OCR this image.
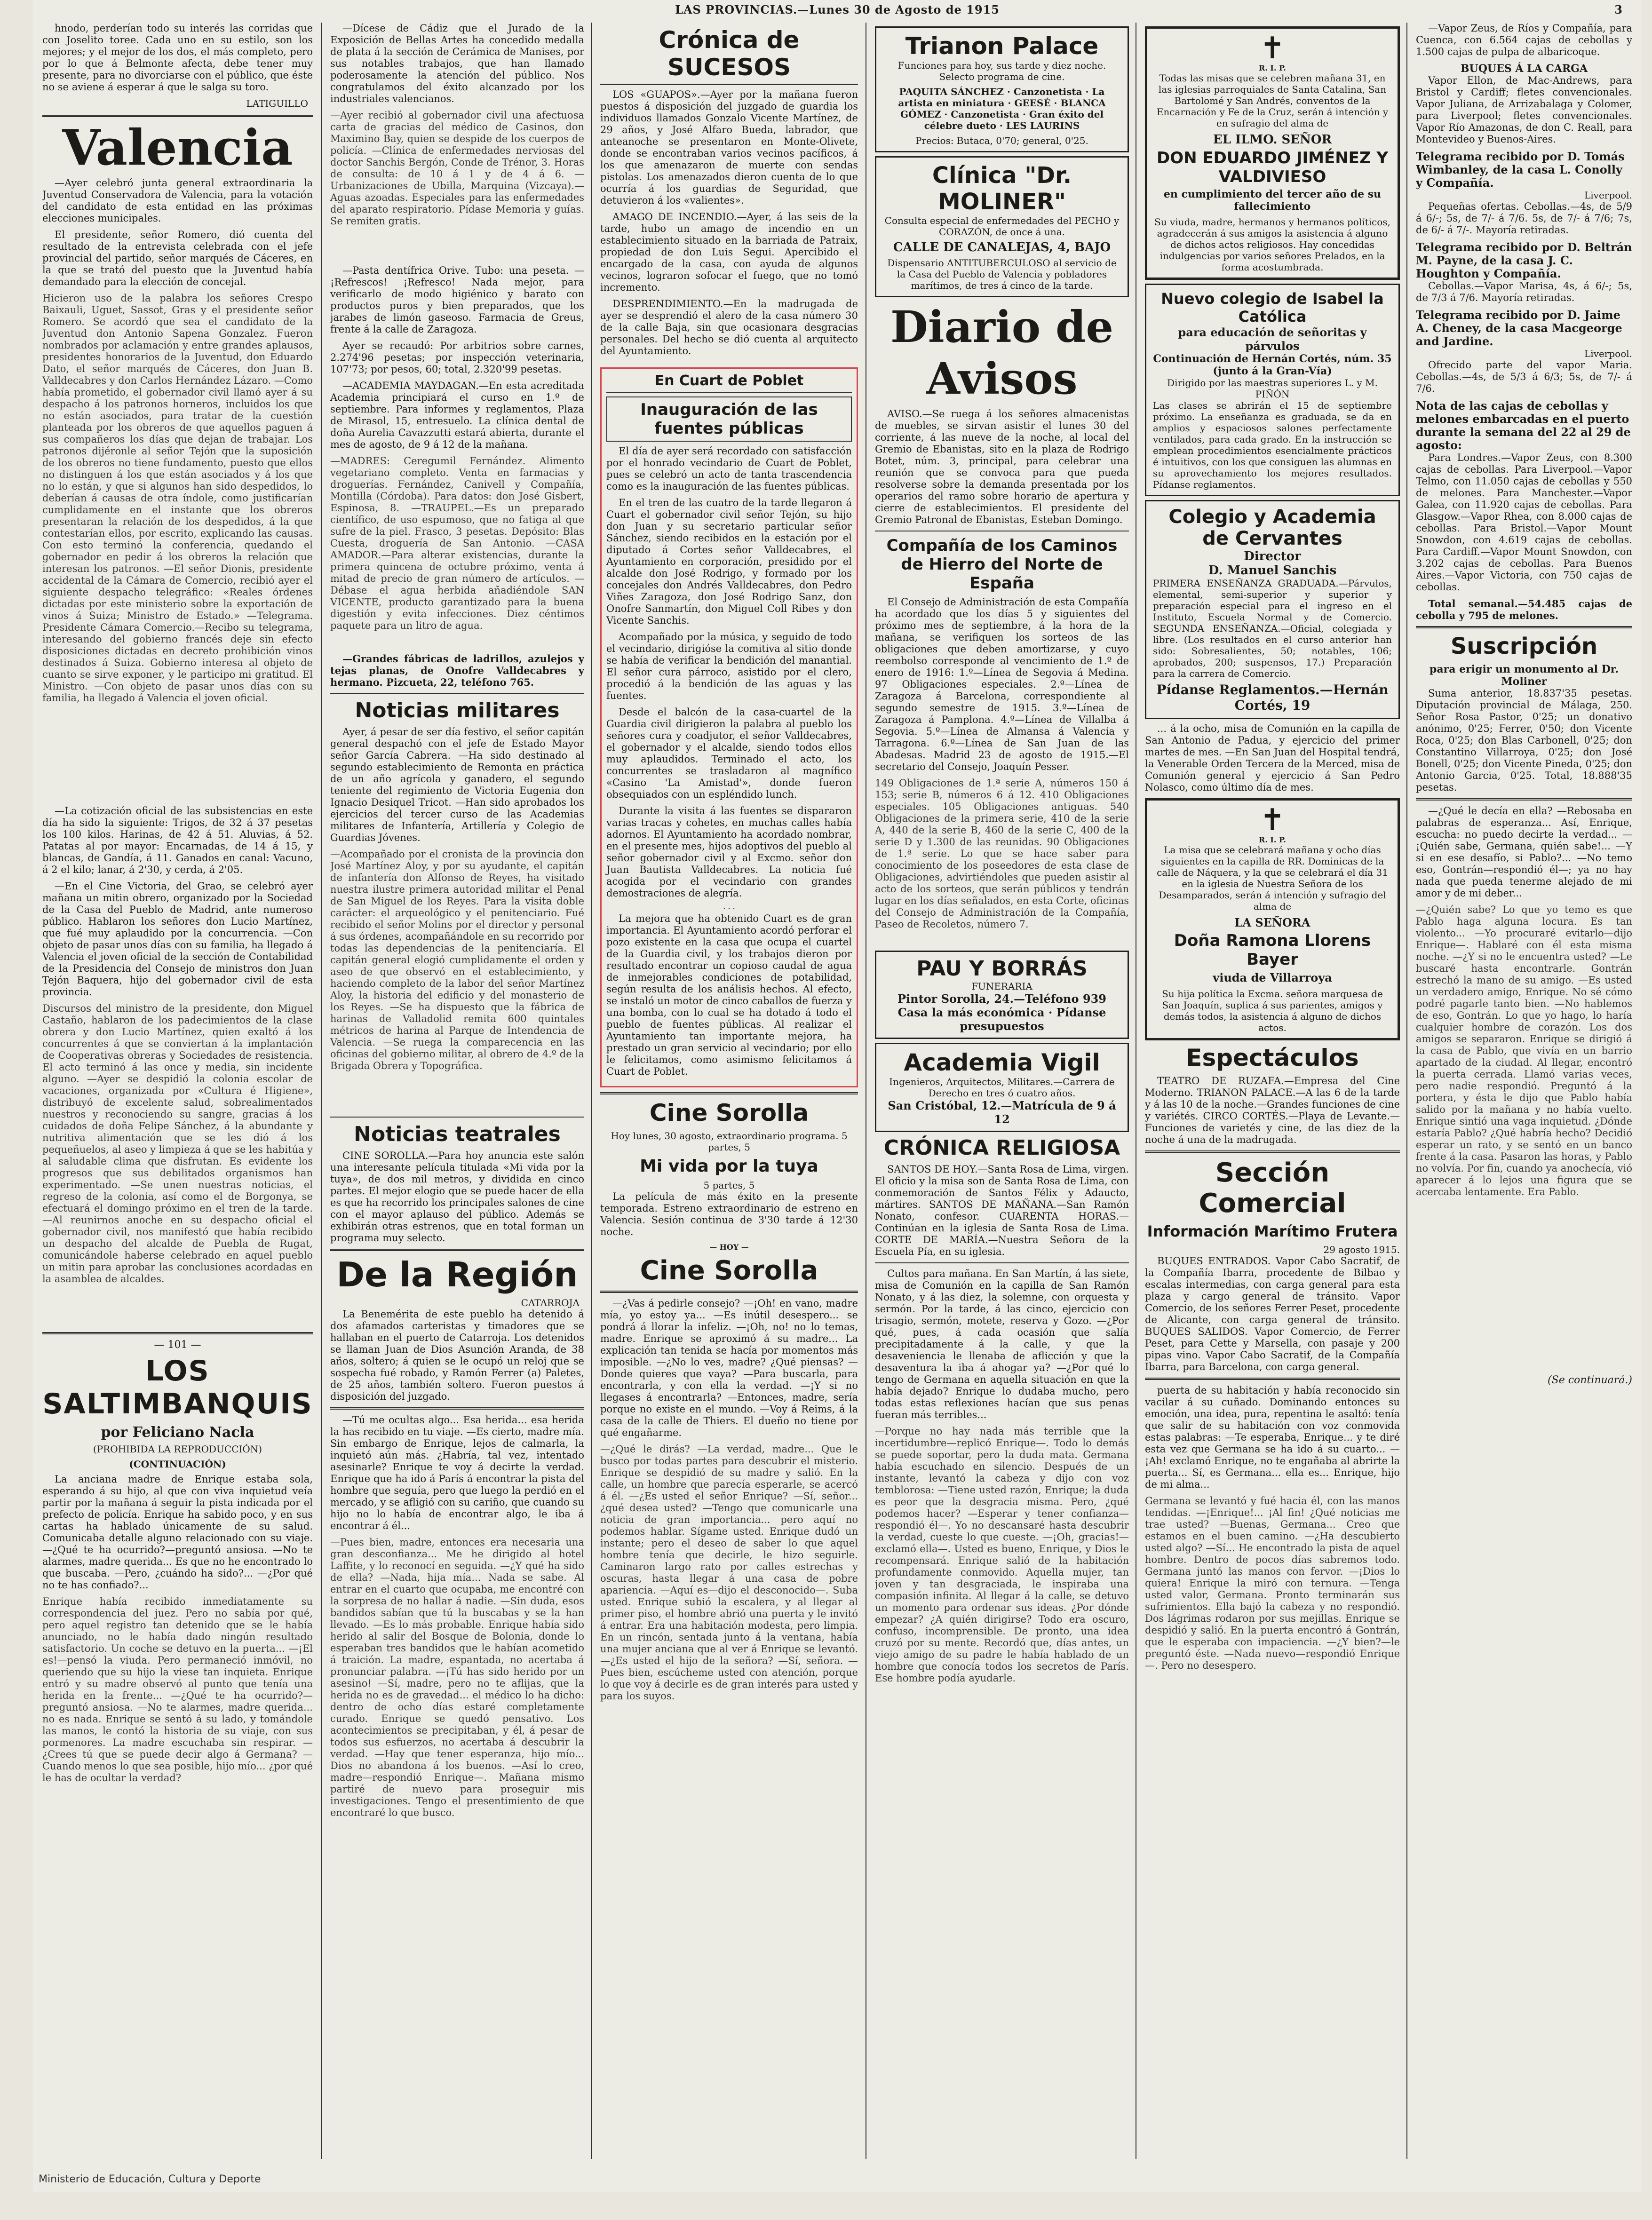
LAS PROVINCIAS.—Lunes 30 de Agosto de 1915	3

hnodo, perderían todo su interés las corridas que con Joselito toree. Cada uno en su estilo, son los mejores; y el mejor de los dos, el más completo, pero por lo que á Belmonte afecta, debe tener muy presente, para no divorciarse con el público, que éste no se aviene á esperar á que le salga su toro.

LATIGUILLO
Valencia

—Ayer celebró junta general extraordinaria la Juventud Conservadora de Valencia, para la votación del candidato de esta entidad en las próximas elecciones municipales.

El presidente, señor Romero, dió cuenta del resultado de la entrevista celebrada con el jefe provincial del partido, señor marqués de Cáceres, en la que se trató del puesto que la Juventud había demandado para la elección de concejal.

Hicieron uso de la palabra los señores Crespo Baixauli, Uguet, Sassot, Gras y el presidente señor Romero. Se acordó que sea el candidato de la Juventud don Antonio Sapena Gonzalez. Fueron nombrados por aclamación y entre grandes aplausos, presidentes honorarios de la Juventud, don Eduardo Dato, el señor marqués de Cáceres, don Juan B. Valldecabres y don Carlos Hernández Lázaro. —Como había prometido, el gobernador civil llamó ayer á su despacho á los patronos horneros, incluidos los que no están asociados, para tratar de la cuestión planteada por los obreros de que aquellos paguen á sus compañeros los días que dejan de trabajar. Los patronos dijéronle al señor Tejón que la suposición de los obreros no tiene fundamento, puesto que ellos no distinguen á los que están asociados y á los que no lo están, y que si algunos han sido despedidos, lo deberían á causas de otra índole, como justificarían cumplidamente en el instante que los obreros presentaran la relación de los despedidos, á la que contestarían ellos, por escrito, explicando las causas. Con esto terminó la conferencia, quedando el gobernador en pedir á los obreros la relación que interesan los patronos. —El señor Dionis, presidente accidental de la Cámara de Comercio, recibió ayer el siguiente despacho telegráfico: «Reales órdenes dictadas por este ministerio sobre la exportación de vinos á Suiza; Ministro de Estado.» —Telegrama. Presidente Cámara Comercio.—Recibo su telegrama, interesando del gobierno francés deje sin efecto disposiciones dictadas en decreto prohibición vinos destinados á Suiza. Gobierno interesa al objeto de cuanto se sirve exponer, y le participo mi gratitud. El Ministro. —Con objeto de pasar unos días con su familia, ha llegado á Valencia el joven oficial.

—La cotización oficial de las subsistencias en este día ha sido la siguiente: Trigos, de 32 á 37 pesetas los 100 kilos. Harinas, de 42 á 51. Aluvias, á 52. Patatas al por mayor: Encarnadas, de 14 á 15, y blancas, de Gandía, á 11. Ganados en canal: Vacuno, á 2 el kilo; lanar, á 2'30, y cerda, á 2'05.

—En el Cine Victoria, del Grao, se celebró ayer mañana un mitin obrero, organizado por la Sociedad de la Casa del Pueblo de Madrid, ante numeroso público. Hablaron los señores don Lucio Martínez, que fué muy aplaudido por la concurrencia. —Con objeto de pasar unos días con su familia, ha llegado á Valencia el joven oficial de la sección de Contabilidad de la Presidencia del Consejo de ministros don Juan Tejón Baquera, hijo del gobernador civil de esta provincia.

Discursos del ministro de la presidente, don Miguel Castaño, hablaron de los padecimientos de la clase obrera y don Lucio Martínez, quien exaltó á los concurrentes á que se conviertan á la implantación de Cooperativas obreras y Sociedades de resistencia. El acto terminó á las once y media, sin incidente alguno. —Ayer se despidió la colonia escolar de vacaciones, organizada por «Cultura é Higiene», distribuyó de excelente salud, sobrealimentados nuestros y reconociendo su sangre, gracias á los cuidados de doña Felipe Sánchez, á la abundante y nutritiva alimentación que se les dió á los pequeñuelos, al aseo y limpieza á que se les habitúa y al saludable clima que disfrutan. Es evidente los progresos que sus debilitados organismos han experimentado. —Se unen nuestras noticias, el regreso de la colonia, así como el de Borgonya, se efectuará el domingo próximo en el tren de la tarde. —Al reunirnos anoche en su despacho oficial el gobernador civil, nos manifestó que había recibido un despacho del alcalde de Puebla de Rugat, comunicándole haberse celebrado en aquel pueblo un mitin para aprobar las conclusiones acordadas en la asamblea de alcaldes.

— 101 —
LOS SALTIMBANQUIS
por Feliciano Nacla
(PROHIBIDA LA REPRODUCCIÓN)
(CONTINUACIÓN)

La anciana madre de Enrique estaba sola, esperando á su hijo, al que con viva inquietud veía partir por la mañana á seguir la pista indicada por el prefecto de policía. Enrique ha sabido poco, y en sus cartas ha hablado únicamente de su salud. Comunicaba detalle alguno relacionado con su viaje. —¿Qué te ha ocurrido?—preguntó ansiosa. —No te alarmes, madre querida... Es que no he encontrado lo que buscaba. —Pero, ¿cuándo ha sido?... —¿Por qué no te has confiado?...

Enrique había recibido inmediatamente su correspondencia del juez. Pero no sabía por qué, pero aquel registro tan detenido que se le había anunciado, no le había dado ningún resultado satisfactorio. Un coche se detuvo en la puerta... —¡El es!—pensó la viuda. Pero permaneció inmóvil, no queriendo que su hijo la viese tan inquieta. Enrique entró y su madre observó al punto que tenía una herida en la frente... —¿Qué te ha ocurrido?—preguntó ansiosa. —No te alarmes, madre querida... no es nada. Enrique se sentó á su lado, y tomándole las manos, le contó la historia de su viaje, con sus pormenores. La madre escuchaba sin respirar. —¿Crees tú que se puede decir algo á Germana? —Cuando menos lo que sea posible, hijo mío... ¿por qué le has de ocultar la verdad?

—Dícese de Cádiz que el Jurado de la Exposición de Bellas Artes ha concedido medalla de plata á la sección de Cerámica de Manises, por sus notables trabajos, que han llamado poderosamente la atención del público. Nos congratulamos del éxito alcanzado por los industriales valencianos.

—Ayer recibió al gobernador civil una afectuosa carta de gracias del médico de Casinos, don Maximino Bay, quien se despide de los cuerpos de policía. —Clínica de enfermedades nerviosas del doctor Sanchis Bergón, Conde de Trénor, 3. Horas de consulta: de 10 á 1 y de 4 á 6. —Urbanizaciones de Ubilla, Marquina (Vizcaya).—Aguas azoadas. Especiales para las enfermedades del aparato respiratorio. Pídase Memoria y guías. Se remiten gratis.

—Pasta dentífrica Orive. Tubo: una peseta. —¡Refrescos! ¡Refresco! Nada mejor, para verificarlo de modo higiénico y barato con productos puros y bien preparados, que los jarabes de limón gaseoso. Farmacia de Greus, frente á la calle de Zaragoza.

Ayer se recaudó: Por arbitrios sobre carnes, 2.274'96 pesetas; por inspección veterinaria, 107'73; por pesos, 60; total, 2.320'99 pesetas.

—ACADEMIA MAYDAGAN.—En esta acreditada Academia principiará el curso en 1.º de septiembre. Para informes y reglamentos, Plaza de Mirasol, 15, entresuelo. La clínica dental de doña Aurelia Cavazzutti estará abierta, durante el mes de agosto, de 9 á 12 de la mañana.

—MADRES: Ceregumil Fernández. Alimento vegetariano completo. Venta en farmacias y droguerías. Fernández, Canivell y Compañía, Montilla (Córdoba). Para datos: don José Gisbert, Espinosa, 8. —TRAUPEL.—Es un preparado científico, de uso espumoso, que no fatiga al que sufre de la piel. Frasco, 3 pesetas. Depósito: Blas Cuesta, droguería de San Antonio. —CASA AMADOR.—Para alterar existencias, durante la primera quincena de octubre próximo, venta á mitad de precio de gran número de artículos. —Débase el agua herbida añadiéndole SAN VICENTE, producto garantizado para la buena digestión y evita infecciones. Diez céntimos paquete para un litro de agua.

—Grandes fábricas de ladrillos, azulejos y tejas planas, de Onofre Valldecabres y hermano. Pizcueta, 22, teléfono 765.

Noticias militares

Ayer, á pesar de ser día festivo, el señor capitán general despachó con el jefe de Estado Mayor señor García Cabrera. —Ha sido destinado al segundo establecimiento de Remonta en práctica de un año agrícola y ganadero, el segundo teniente del regimiento de Victoria Eugenia don Ignacio Desiquel Tricot. —Han sido aprobados los ejercicios del tercer curso de las Academias militares de Infantería, Artillería y Colegio de Guardias Jóvenes.

—Acompañado por el cronista de la provincia don José Martínez Aloy, y por su ayudante, el capitán de infantería don Alfonso de Reyes, ha visitado nuestra ilustre primera autoridad militar el Penal de San Miguel de los Reyes. Para la visita doble carácter: el arqueológico y el penitenciario. Fué recibido el señor Molins por el director y personal á sus órdenes, acompañándole en su recorrido por todas las dependencias de la penitenciaría. El capitán general elogió cumplidamente el orden y aseo de que observó en el establecimiento, y haciendo completo de la labor del señor Martínez Aloy, la historia del edificio y del monasterio de los Reyes. —Se ha dispuesto que la fábrica de harinas de Valladolid remita 600 quintales métricos de harina al Parque de Intendencia de Valencia. —Se ruega la comparecencia en las oficinas del gobierno militar, al obrero de 4.º de la Brigada Obrera y Topográfica.

Noticias teatrales

CINE SOROLLA.—Para hoy anuncia este salón una interesante película titulada «Mi vida por la tuya», de dos mil metros, y dividida en cinco partes. El mejor elogio que se puede hacer de ella es que ha recorrido los principales salones de cine con el mayor aplauso del público. Además se exhibirán otras estrenos, que en total forman un programa muy selecto.

De la Región
CATARROJA

La Benemérita de este pueblo ha detenido á dos afamados carteristas y timadores que se hallaban en el puerto de Catarroja. Los detenidos se llaman Juan de Dios Asunción Aranda, de 38 años, soltero; á quien se le ocupó un reloj que se sospecha fué robado, y Ramón Ferrer (a) Paletes, de 25 años, también soltero. Fueron puestos á disposición del juzgado.

—Tú me ocultas algo... Esa herida... esa herida la has recibido en tu viaje. —Es cierto, madre mía. Sin embargo de Enrique, lejos de calmarla, la inquietó aún más. ¿Habría, tal vez, intentado asesinarle? Enrique te voy á decirte la verdad. Enrique que ha ido á París á encontrar la pista del hombre que seguía, pero que luego la perdió en el mercado, y se afligió con su cariño, que cuando su hijo no lo había de encontrar algo, le iba á encontrar á él...

—Pues bien, madre, entonces era necesaria una gran desconfianza... Me he dirigido al hotel Laffite, y lo reconocí en seguida. —¿Y qué ha sido de ella? —Nada, hija mía... Nada se sabe. Al entrar en el cuarto que ocupaba, me encontré con la sorpresa de no hallar á nadie. —Sin duda, esos bandidos sabían que tú la buscabas y se la han llevado. —Es lo más probable. Enrique había sido herido al salir del Bosque de Bolonia, donde lo esperaban tres bandidos que le habían acometido á traición. La madre, espantada, no acertaba á pronunciar palabra. —¡Tú has sido herido por un asesino! —Sí, madre, pero no te aflijas, que la herida no es de gravedad... el médico lo ha dicho: dentro de ocho días estaré completamente curado. Enrique se quedó pensativo. Los acontecimientos se precipitaban, y él, á pesar de todos sus esfuerzos, no acertaba á descubrir la verdad. —Hay que tener esperanza, hijo mío... Dios no abandona á los buenos. —Así lo creo, madre—respondió Enrique—. Mañana mismo partiré de nuevo para proseguir mis investigaciones. Tengo el presentimiento de que encontraré lo que busco.

Crónica de SUCESOS

LOS «GUAPOS».—Ayer por la mañana fueron puestos á disposición del juzgado de guardia los individuos llamados Gonzalo Vicente Martínez, de 29 años, y José Alfaro Bueda, labrador, que anteanoche se presentaron en Monte-Olivete, donde se encontraban varios vecinos pacíficos, á los que amenazaron de muerte con sendas pistolas. Los amenazados dieron cuenta de lo que ocurría á los guardias de Seguridad, que detuvieron á los «valientes».

AMAGO DE INCENDIO.—Ayer, á las seis de la tarde, hubo un amago de incendio en un establecimiento situado en la barriada de Patraix, propiedad de don Luis Segui. Apercibido el encargado de la casa, con ayuda de algunos vecinos, lograron sofocar el fuego, que no tomó incremento.

DESPRENDIMIENTO.—En la madrugada de ayer se desprendió el alero de la casa número 30 de la calle Baja, sin que ocasionara desgracias personales. Del hecho se dió cuenta al arquitecto del Ayuntamiento.

En Cuart de Poblet
Inauguración de las fuentes públicas

El día de ayer será recordado con satisfacción por el honrado vecindario de Cuart de Poblet, pues se celebró un acto de tanta trascendencia como es la inauguración de las fuentes públicas.

En el tren de las cuatro de la tarde llegaron á Cuart el gobernador civil señor Tejón, su hijo don Juan y su secretario particular señor Sánchez, siendo recibidos en la estación por el diputado á Cortes señor Valldecabres, el Ayuntamiento en corporación, presidido por el alcalde don José Rodrigo, y formado por los concejales don Andrés Valldecabres, don Pedro Viñes Zaragoza, don José Rodrigo Sanz, don Onofre Sanmartín, don Miguel Coll Ribes y don Vicente Sanchis.

Acompañado por la música, y seguido de todo el vecindario, dirigióse la comitiva al sitio donde se había de verificar la bendición del manantial. El señor cura párroco, asistido por el clero, procedió á la bendición de las aguas y las fuentes.

Desde el balcón de la casa-cuartel de la Guardia civil dirigieron la palabra al pueblo los señores cura y coadjutor, el señor Valldecabres, el gobernador y el alcalde, siendo todos ellos muy aplaudidos. Terminado el acto, los concurrentes se trasladaron al magnífico «Casino 'La Amistad'», donde fueron obsequiados con un espléndido lunch.

Durante la visita á las fuentes se dispararon varias tracas y cohetes, en muchas calles había adornos. El Ayuntamiento ha acordado nombrar, en el presente mes, hijos adoptivos del pueblo al señor gobernador civil y al Excmo. señor don Juan Bautista Valldecabres. La noticia fué acogida por el vecindario con grandes demostraciones de alegría.

· · ·

La mejora que ha obtenido Cuart es de gran importancia. El Ayuntamiento acordó perforar el pozo existente en la casa que ocupa el cuartel de la Guardia civil, y los trabajos dieron por resultado encontrar un copioso caudal de agua de inmejorables condiciones de potabilidad, según resulta de los análisis hechos. Al efecto, se instaló un motor de cinco caballos de fuerza y una bomba, con lo cual se ha dotado á todo el pueblo de fuentes públicas. Al realizar el Ayuntamiento tan importante mejora, ha prestado un gran servicio al vecindario; por ello le felicitamos, como asimismo felicitamos á Cuart de Poblet.

Cine Sorolla
Hoy lunes, 30 agosto, extraordinario programa. 5 partes, 5
Mi vida por la tuya
5 partes, 5

La película de más éxito en la presente temporada. Estreno extraordinario de estreno en Valencia. Sesión continua de 3'30 tarde á 12'30 noche.

— HOY —
Cine Sorolla

—¿Vas á pedirle consejo? —¡Oh! en vano, madre mía, yo estoy ya... —Es inútil desespero... se pondrá á llorar la infeliz. —¡Oh, no! no lo temas, madre. Enrique se aproximó á su madre... La explicación tan tenida se hacía por momentos más imposible. —¿No lo ves, madre? ¿Qué piensas? —Donde quieres que vaya? —Para buscarla, para encontrarla, y con ella la verdad. —¡Y si no llegases á encontrarla? —Entonces, madre, sería porque no existe en el mundo. —Voy á Reims, á la casa de la calle de Thiers. El dueño no tiene por qué engañarme.

—¿Qué le dirás? —La verdad, madre... Que le busco por todas partes para descubrir el misterio. Enrique se despidió de su madre y salió. En la calle, un hombre que parecía esperarle, se acercó á él. —¿Es usted el señor Enrique? —Sí, señor... ¿qué desea usted? —Tengo que comunicarle una noticia de gran importancia... pero aquí no podemos hablar. Sígame usted. Enrique dudó un instante; pero el deseo de saber lo que aquel hombre tenía que decirle, le hizo seguirle. Caminaron largo rato por calles estrechas y oscuras, hasta llegar á una casa de pobre apariencia. —Aquí es—dijo el desconocido—. Suba usted. Enrique subió la escalera, y al llegar al primer piso, el hombre abrió una puerta y le invitó á entrar. Era una habitación modesta, pero limpia. En un rincón, sentada junto á la ventana, había una mujer anciana que al ver á Enrique se levantó. —¿Es usted el hijo de la señora? —Sí, señora. —Pues bien, escúcheme usted con atención, porque lo que voy á decirle es de gran interés para usted y para los suyos.

Trianon Palace
Funciones para hoy, sus tarde y diez noche. Selecto programa de cine.
PAQUITA SÁNCHEZ · Canzonetista · La artista en miniatura · GEESÉ · BLANCA GÓMEZ · Canzonetista · Gran éxito del célebre dueto · LES LAURINS
Precios: Butaca, 0'70; general, 0'25.
Clínica "Dr. MOLINER"
Consulta especial de enfermedades del PECHO y CORAZÓN, de once á una.
CALLE DE CANALEJAS, 4, BAJO
Dispensario ANTITUBERCULOSO al servicio de la Casa del Pueblo de Valencia y pobladores marítimos, de tres á cinco de la tarde.
Diario de Avisos

AVISO.—Se ruega á los señores almacenistas de muebles, se sirvan asistir el lunes 30 del corriente, á las nueve de la noche, al local del Gremio de Ebanistas, sito en la plaza de Rodrigo Botet, núm. 3, principal, para celebrar una reunión que se convoca para que pueda resolverse sobre la demanda presentada por los operarios del ramo sobre horario de apertura y cierre de establecimientos. El presidente del Gremio Patronal de Ebanistas, Esteban Domingo.

Compañía de los Caminos de Hierro del Norte de España

El Consejo de Administración de esta Compañía ha acordado que los días 5 y siguientes del próximo mes de septiembre, á la hora de la mañana, se verifiquen los sorteos de las obligaciones que deben amortizarse, y cuyo reembolso corresponde al vencimiento de 1.º de enero de 1916: 1.º—Línea de Segovia á Medina. 97 Obligaciones especiales. 2.º—Línea de Zaragoza á Barcelona, correspondiente al segundo semestre de 1915. 3.º—Línea de Zaragoza á Pamplona. 4.º—Línea de Villalba á Segovia. 5.º—Línea de Almansa á Valencia y Tarragona. 6.º—Línea de San Juan de las Abadesas. Madrid 23 de agosto de 1915.—El secretario del Consejo, Joaquín Pesser.

149 Obligaciones de 1.ª serie A, números 150 á 153; serie B, números 6 á 12. 410 Obligaciones especiales. 105 Obligaciones antiguas. 540 Obligaciones de la primera serie, 410 de la serie A, 440 de la serie B, 460 de la serie C, 400 de la serie D y 1.300 de las reunidas. 90 Obligaciones de 1.ª serie. Lo que se hace saber para conocimiento de los poseedores de esta clase de Obligaciones, advirtiéndoles que pueden asistir al acto de los sorteos, que serán públicos y tendrán lugar en los días señalados, en esta Corte, oficinas del Consejo de Administración de la Compañía, Paseo de Recoletos, número 7.

PAU Y BORRÁS
FUNERARIA
Pintor Sorolla, 24.—Teléfono 939
Casa la más económica · Pídanse presupuestos
Academia Vigil
Ingenieros, Arquitectos, Militares.—Carrera de Derecho en tres ó cuatro años.
San Cristóbal, 12.—Matrícula de 9 á 12
CRÓNICA RELIGIOSA

SANTOS DE HOY.—Santa Rosa de Lima, virgen. El oficio y la misa son de Santa Rosa de Lima, con conmemoración de Santos Félix y Adaucto, mártires. SANTOS DE MAÑANA.—San Ramón Nonato, confesor. CUARENTA HORAS.—Continúan en la iglesia de Santa Rosa de Lima. CORTE DE MARÍA.—Nuestra Señora de la Escuela Pía, en su iglesia.

Cultos para mañana. En San Martín, á las siete, misa de Comunión en la capilla de San Ramón Nonato, y á las diez, la solemne, con orquesta y sermón. Por la tarde, á las cinco, ejercicio con trisagio, sermón, motete, reserva y Gozo. —¿Por qué, pues, á cada ocasión que salía precipitadamente á la calle, y que la desaveniencia le llenaba de aflicción y que la desaventura la iba á ahogar ya? —¿Por qué lo tengo de Germana en aquella situación en que la había dejado? Enrique lo dudaba mucho, pero todas estas reflexiones hacían que sus penas fueran más terribles...

—Porque no hay nada más terrible que la incertidumbre—replicó Enrique—. Todo lo demás se puede soportar, pero la duda mata. Germana había escuchado en silencio. Después de un instante, levantó la cabeza y dijo con voz temblorosa: —Tiene usted razón, Enrique; la duda es peor que la desgracia misma. Pero, ¿qué podemos hacer? —Esperar y tener confianza—respondió él—. Yo no descansaré hasta descubrir la verdad, cueste lo que cueste. —¡Oh, gracias!—exclamó ella—. Usted es bueno, Enrique, y Dios le recompensará. Enrique salió de la habitación profundamente conmovido. Aquella mujer, tan joven y tan desgraciada, le inspiraba una compasión infinita. Al llegar á la calle, se detuvo un momento para ordenar sus ideas. ¿Por dónde empezar? ¿A quién dirigirse? Todo era oscuro, confuso, incomprensible. De pronto, una idea cruzó por su mente. Recordó que, días antes, un viejo amigo de su padre le había hablado de un hombre que conocía todos los secretos de París. Ese hombre podía ayudarle.

✝
R. I. P.
Todas las misas que se celebren mañana 31, en las iglesias parroquiales de Santa Catalina, San Bartolomé y San Andrés, conventos de la Encarnación y Fe de la Cruz, serán á intención y en sufragio del alma de
EL ILMO. SEÑOR
DON EDUARDO JIMÉNEZ Y VALDIVIESO
en cumplimiento del tercer año de su fallecimiento
Su viuda, madre, hermanos y hermanos políticos, agradecerán á sus amigos la asistencia á alguno de dichos actos religiosos. Hay concedidas indulgencias por varios señores Prelados, en la forma acostumbrada.
Nuevo colegio de Isabel la Católica
para educación de señoritas y párvulos
Continuación de Hernán Cortés, núm. 35 (junto á la Gran-Vía)
Dirigido por las maestras superiores L. y M. PIÑÓN
Las clases se abrirán el 15 de septiembre próximo. La enseñanza es graduada, se da en amplios y espaciosos salones perfectamente ventilados, para cada grado. En la instrucción se emplean procedimientos esencialmente prácticos é intuitivos, con los que consiguen las alumnas en su aprovechamiento los mejores resultados. Pídanse reglamentos.
Colegio y Academia de Cervantes
Director
D. Manuel Sanchis
PRIMERA ENSEÑANZA GRADUADA.—Párvulos, elemental, semi-superior y superior y preparación especial para el ingreso en el Instituto, Escuela Normal y de Comercio. SEGUNDA ENSEÑANZA.—Oficial, colegiada y libre. (Los resultados en el curso anterior han sido: Sobresalientes, 50; notables, 106; aprobados, 200; suspensos, 17.) Preparación para la carrera de Comercio.
Pídanse Reglamentos.—Hernán Cortés, 19

... á la ocho, misa de Comunión en la capilla de San Antonio de Padua, y ejercicio del primer martes de mes. —En San Juan del Hospital tendrá, la Venerable Orden Tercera de la Merced, misa de Comunión general y ejercicio á San Pedro Nolasco, como último día de mes.

✝
R. I. P.
La misa que se celebrará mañana y ocho días siguientes en la capilla de RR. Dominicas de la calle de Náquera, y la que se celebrará el día 31 en la iglesia de Nuestra Señora de los Desamparados, serán á intención y sufragio del alma de
LA SEÑORA
Doña Ramona Llorens Bayer
viuda de Villarroya
Su hija política la Excma. señora marquesa de San Joaquín, suplica á sus parientes, amigos y demás todos, la asistencia á alguno de dichos actos.
Espectáculos

TEATRO DE RUZAFA.—Empresa del Cine Moderno. TRIANON PALACE.—A las 6 de la tarde y á las 10 de la noche.—Grandes funciones de cine y variétés. CIRCO CORTÉS.—Playa de Levante.—Funciones de varietés y cine, de las diez de la noche á una de la madrugada.

Sección Comercial
Información Marítimo Frutera
29 agosto 1915.

BUQUES ENTRADOS. Vapor Cabo Sacratif, de la Compañía Ibarra, procedente de Bilbao y escalas intermedias, con carga general para esta plaza y cargo general de tránsito. Vapor Comercio, de los señores Ferrer Peset, procedente de Alicante, con carga general de tránsito. BUQUES SALIDOS. Vapor Comercio, de Ferrer Peset, para Cette y Marsella, con pasaje y 200 pipas vino. Vapor Cabo Sacratif, de la Compañía Ibarra, para Barcelona, con carga general.

puerta de su habitación y había reconocido sin vacilar á su cuñado. Dominando entonces su emoción, una idea, pura, repentina le asaltó: tenía que salir de su habitación con voz conmovida estas palabras: —Te esperaba, Enrique... y te diré esta vez que Germana se ha ido á su cuarto... —¡Ah! exclamó Enrique, no te engañaba al abrirte la puerta... Sí, es Germana... ella es... Enrique, hijo de mi alma...

Germana se levantó y fué hacia él, con las manos tendidas. —¡Enrique!... ¡Al fin! ¿Qué noticias me trae usted? —Buenas, Germana... Creo que estamos en el buen camino. —¿Ha descubierto usted algo? —Sí... He encontrado la pista de aquel hombre. Dentro de pocos días sabremos todo. Germana juntó las manos con fervor. —¡Dios lo quiera! Enrique la miró con ternura. —Tenga usted valor, Germana. Pronto terminarán sus sufrimientos. Ella bajó la cabeza y no respondió. Dos lágrimas rodaron por sus mejillas. Enrique se despidió y salió. En la puerta encontró á Gontrán, que le esperaba con impaciencia. —¿Y bien?—le preguntó éste. —Nada nuevo—respondió Enrique—. Pero no desespero.

—Vapor Zeus, de Ríos y Compañía, para Cuenca, con 6.564 cajas de cebollas y 1.500 cajas de pulpa de albaricoque.

BUQUES Á LA CARGA

Vapor Ellon, de Mac-Andrews, para Bristol y Cardiff; fletes convencionales. Vapor Juliana, de Arrizabalaga y Colomer, para Liverpool; fletes convencionales. Vapor Río Amazonas, de don C. Reall, para Montevideo y Buenos-Aires.

Telegrama recibido por D. Tomás Wimbanley, de la casa L. Conolly y Compañía.
Liverpool.

Pequeñas ofertas. Cebollas.—4s, de 5/9 á 6/-; 5s, de 7/- á 7/6. 5s, de 7/- á 7/6; 7s, de 6/- á 7/-. Mayoría retiradas.

Telegrama recibido por D. Beltrán M. Payne, de la casa J. C. Houghton y Compañía.

Cebollas.—Vapor Marisa, 4s, á 6/-; 5s, de 7/3 á 7/6. Mayoría retiradas.

Telegrama recibido por D. Jaime A. Cheney, de la casa Macgeorge and Jardine.
Liverpool.

Ofrecido parte del vapor Maria. Cebollas.—4s, de 5/3 á 6/3; 5s, de 7/- á 7/6.

Nota de las cajas de cebollas y melones embarcadas en el puerto durante la semana del 22 al 29 de agosto:

Para Londres.—Vapor Zeus, con 8.300 cajas de cebollas. Para Liverpool.—Vapor Telmo, con 11.050 cajas de cebollas y 550 de melones. Para Manchester.—Vapor Galea, con 11.920 cajas de cebollas. Para Glasgow.—Vapor Rhea, con 8.000 cajas de cebollas. Para Bristol.—Vapor Mount Snowdon, con 4.619 cajas de cebollas. Para Cardiff.—Vapor Mount Snowdon, con 3.202 cajas de cebollas. Para Buenos Aires.—Vapor Victoria, con 750 cajas de cebollas.

Total semanal.—54.485 cajas de cebolla y 795 de melones.

Suscripción
para erigir un monumento al Dr. Moliner

Suma anterior, 18.837'35 pesetas. Diputación provincial de Málaga, 250. Señor Rosa Pastor, 0'25; un donativo anónimo, 0'25; Ferrer, 0'50; don Vicente Roca, 0'25; don Blas Carbonell, 0'25; don Constantino Villarroya, 0'25; don José Bonell, 0'25; don Vicente Pineda, 0'25; don Antonio Garcia, 0'25. Total, 18.888'35 pesetas.

—¿Qué le decía en ella? —Rebosaba en palabras de esperanza... Así, Enrique, escucha: no puedo decirte la verdad... —¡Quién sabe, Germana, quién sabe!... —Y si en ese desafío, si Pablo?... —No temo eso, Gontrán—respondió él—; ya no hay nada que pueda tenerme alejado de mi amor y de mi deber...

—¿Quién sabe? Lo que yo temo es que Pablo haga alguna locura. Es tan violento... —Yo procuraré evitarlo—dijo Enrique—. Hablaré con él esta misma noche. —¿Y si no le encuentra usted? —Le buscaré hasta encontrarle. Gontrán estrechó la mano de su amigo. —Es usted un verdadero amigo, Enrique. No sé cómo podré pagarle tanto bien. —No hablemos de eso, Gontrán. Lo que yo hago, lo haría cualquier hombre de corazón. Los dos amigos se separaron. Enrique se dirigió á la casa de Pablo, que vivía en un barrio apartado de la ciudad. Al llegar, encontró la puerta cerrada. Llamó varias veces, pero nadie respondió. Preguntó á la portera, y ésta le dijo que Pablo había salido por la mañana y no había vuelto. Enrique sintió una vaga inquietud. ¿Dónde estaría Pablo? ¿Qué habría hecho? Decidió esperar un rato, y se sentó en un banco frente á la casa. Pasaron las horas, y Pablo no volvía. Por fin, cuando ya anochecía, vió aparecer á lo lejos una figura que se acercaba lentamente. Era Pablo.

(Se continuará.)
Ministerio de Educación, Cultura y Deporte
